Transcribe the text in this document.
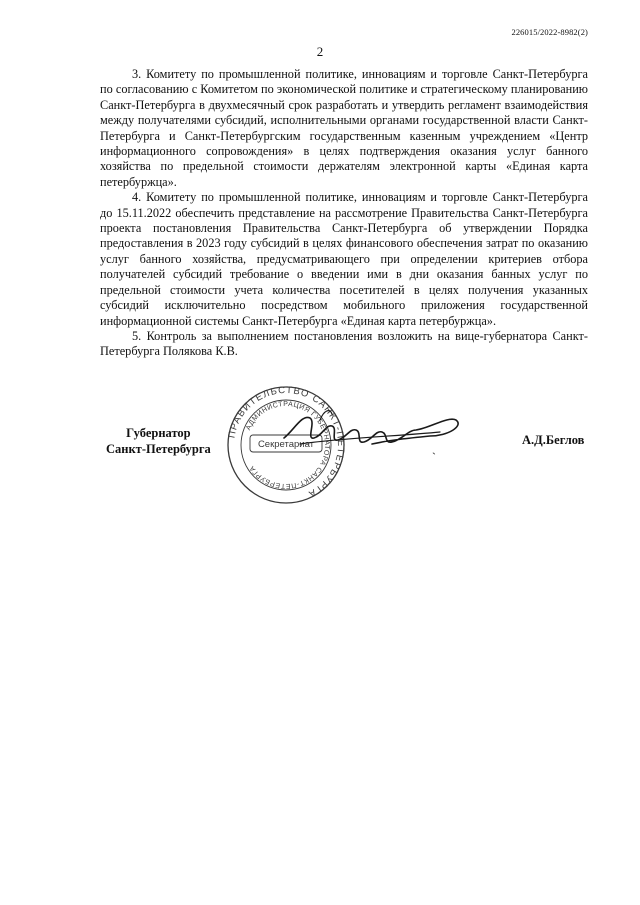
226015/2022-8982(2)
2

3. Комитету по промышленной политике, инновациям и торговле Санкт-Петербурга по согласованию с Комитетом по экономической политике и стратегическому планированию Санкт-Петербурга в двухмесячный срок разработать и утвердить регламент взаимодействия между получателями субсидий, исполнительными органами государственной власти Санкт-Петербурга и Санкт-Петербургским государственным казенным учреждением «Центр информационного сопровождения» в целях подтверждения оказания услуг банного хозяйства по предельной стоимости держателям электронной карты «Единая карта петербуржца».

4. Комитету по промышленной политике, инновациям и торговле Санкт-Петербурга до 15.11.2022 обеспечить представление на рассмотрение Правительства Санкт-Петербурга проекта постановления Правительства Санкт-Петербурга об утверждении Порядка предоставления в 2023 году субсидий в целях финансового обеспечения затрат по оказанию услуг банного хозяйства, предусматривающего при определении критериев отбора получателей субсидий требование о введении ими в дни оказания банных услуг по предельной стоимости учета количества посетителей в целях получения указанных субсидий исключительно посредством мобильного приложения государственной информационной системы Санкт-Петербурга «Единая карта петербуржца».

5. Контроль за выполнением постановления возложить на вице-губернатора Санкт-Петербурга Полякова К.В.

Губернатор
Санкт-Петербурга
ПРАВИТЕЛЬСТВО САНКТ-ПЕТЕРБУРГА
АДМИНИСТРАЦИЯ ГУБЕРНАТОРА САНКТ-ПЕТЕРБУРГА
Секретариат
`
А.Д.Беглов
